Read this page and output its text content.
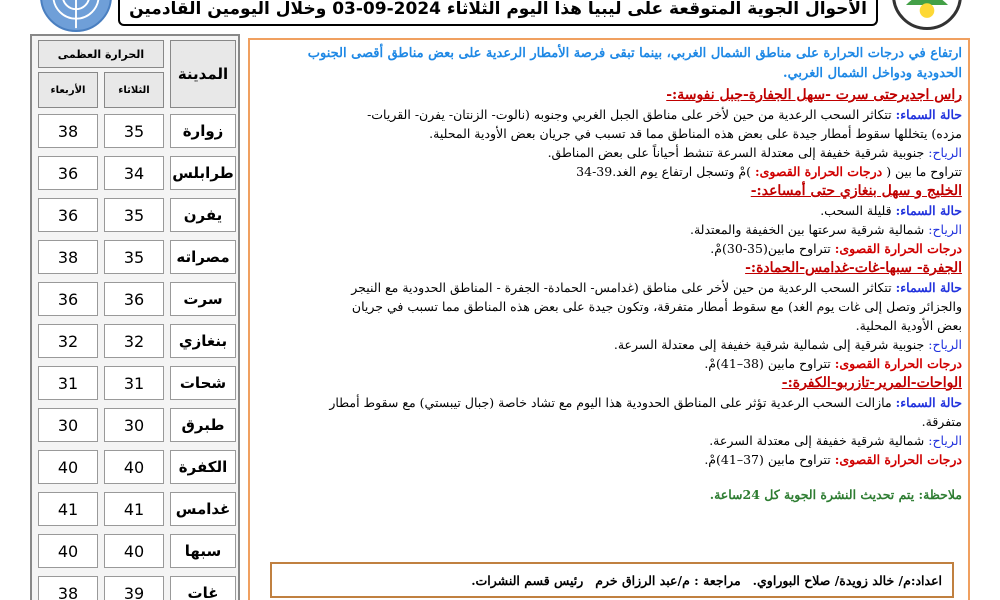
الأحوال الجوية المتوقعة على ليبيا هذا اليوم الثلاثاء 2024-09-03 وخلال اليومين القادمين
الحرارة العظمى
المدينة
الثلاثاء
الأربعاء
38	35	زوارة
36	34	طرابلس
36	35	يفرن
38	35	مصراته
36	36	سرت
32	32	بنغازي
31	31	شحات
30	30	طبرق
40	40	الكفرة
41	41	غدامس
40	40	سبها
38	39	غات
ارتفاع في درجات الحرارة على مناطق الشمال الغربي، بينما تبقى فرصة الأمطار الرعدية على بعض مناطق أقصى الجنوب الحدودية ودواخل الشمال الغربي.
راس اجديرحتى سرت -سهل الجفارة-جبل نفوسة:-
حالة السماء: تتكاثر السحب الرعدية من حين لأخر على مناطق الجبل الغربي وجنوبه (نالوت- الزنتان- يفرن- القريات-
مزده) يتخللها سقوط أمطار جيدة على بعض هذه المناطق مما قد تسبب في جريان بعض الأودية المحلية.
الرياح: جنوبية شرقية خفيفة إلى معتدلة السرعة تنشط أحياناً على بعض المناطق.
تتراوح ما بين ( درجات الحرارة القصوى: )مْ وتسجل ارتفاع يوم الغد.39-34
الخليج و سهل بنغازي حتى أمساعد:-
حالة السماء: قليلة السحب.
الرياح: شمالية شرقية سرعتها بين الخفيفة والمعتدلة.
درجات الحرارة القصوى: تتراوح مابين(35-30)مْ.
الجفرة- سبها-غات-غدامس-الحمادة:-
حالة السماء: تتكاثر السحب الرعدية من حين لأخر على مناطق (غدامس- الحمادة- الجفرة - المناطق الحدودية مع النيجر
والجزائر وتصل إلى غات يوم الغد) مع سقوط أمطار متفرقة، وتكون جيدة على بعض هذه المناطق مما تسبب في جريان
بعض الأودية المحلية.
الرياح: جنوبية شرقية إلى شمالية شرقية خفيفة إلى معتدلة السرعة.
درجات الحرارة القصوى: تتراوح مابين (38–41)مْ.
الواحات-المرير-تازربو-الكفرة:-
حالة السماء: مازالت السحب الرعدية تؤثر على المناطق الحدودية هذا اليوم مع تشاد خاصة (جبال تيبستي) مع سقوط أمطار
متفرقة.
الرياح: شمالية شرقية خفيفة إلى معتدلة السرعة.
درجات الحرارة القصوى: تتراوح مابين (37–41)مْ.
ملاحظة: يتم تحديث النشرة الجوية كل 24ساعة.
اعداد:م/ خالد زويدة/ صلاح البوراوي.
مراجعة : م/عبد الرزاق خرم
رئيس قسم النشرات.
